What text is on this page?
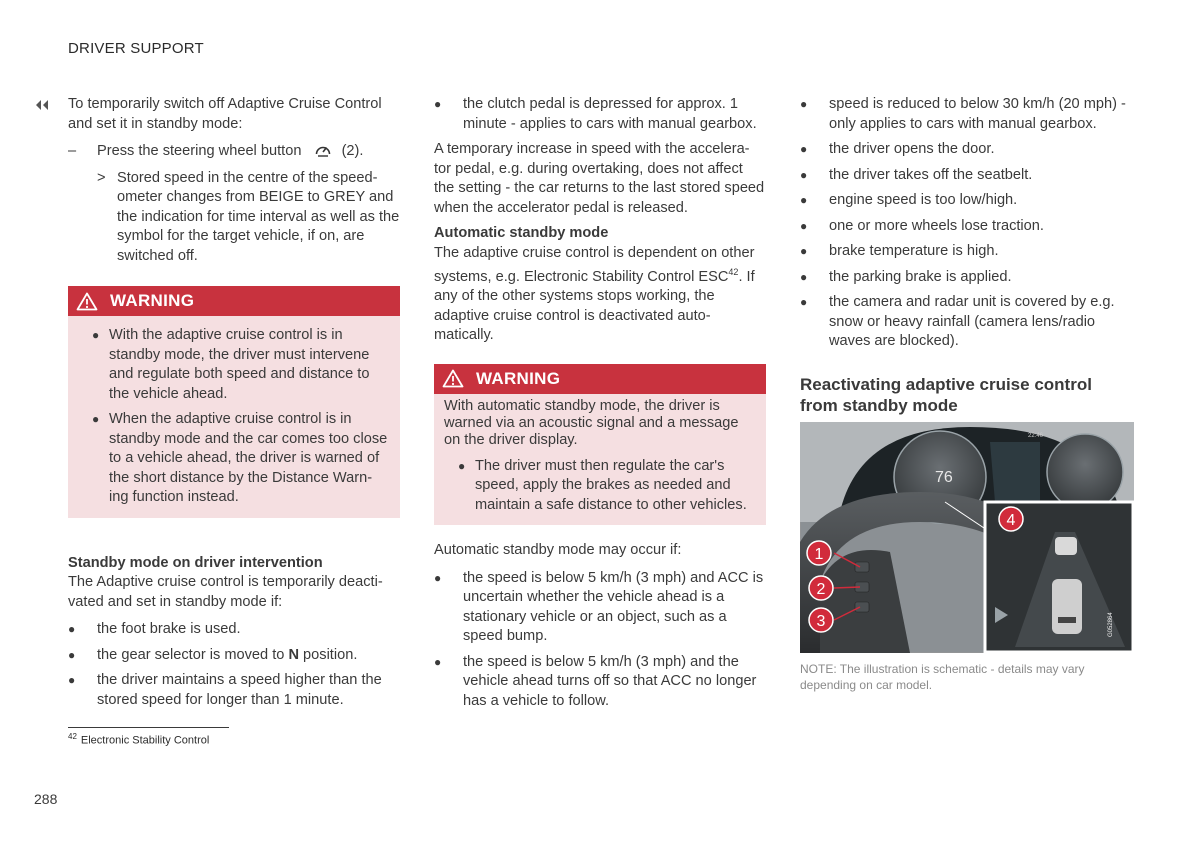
DRIVER SUPPORT

To temporarily switch off Adaptive Cruise Control and set it in standby mode:

– Press the steering wheel button	(2).
> Stored speed in the centre of the speed-ometer changes from BEIGE to GREY and the indication for time interval as well as the symbol for the target vehicle, if on, are switched off.
WARNING
● With the adaptive cruise control is in standby mode, the driver must intervene and regulate both speed and distance to the vehicle ahead.
● When the adaptive cruise control is in standby mode and the car comes too close to a vehicle ahead, the driver is warned of the short distance by the Distance Warn-ing function instead.

Standby mode on driver intervention

The Adaptive cruise control is temporarily deacti-vated and set in standby mode if:

● the foot brake is used.
● the gear selector is moved to N position.
● the driver maintains a speed higher than the stored speed for longer than 1 minute.
● the clutch pedal is depressed for approx. 1 minute - applies to cars with manual gearbox.

A temporary increase in speed with the accelera-tor pedal, e.g. during overtaking, does not affect the setting - the car returns to the last stored speed when the accelerator pedal is released.

Automatic standby mode

The adaptive cruise control is dependent on other systems, e.g. Electronic Stability Control ESC$^{42}$. If any of the other systems stops working, the adaptive cruise control is deactivated auto-matically.

WARNING

With automatic standby mode, the driver is warned via an acoustic signal and a message on the driver display.

● The driver must then regulate the car's speed, apply the brakes as needed and maintain a safe distance to other vehicles.

Automatic standby mode may occur if:

● the speed is below 5 km/h (3 mph) and ACC is uncertain whether the vehicle ahead is a stationary vehicle or an object, such as a speed bump.
● the speed is below 5 km/h (3 mph) and the vehicle ahead turns off so that ACC no longer has a vehicle to follow.
● speed is reduced to below 30 km/h (20 mph) - only applies to cars with manual gearbox.
● the driver opens the door.
● the driver takes off the seatbelt.
● engine speed is too low/high.
● one or more wheels lose traction.
● brake temperature is high.
● the parking brake is applied.
● the camera and radar unit is covered by e.g. snow or heavy rainfall (camera lens/radio waves are blocked).
Reactivating adaptive cruise control from standby mode
76
22:46
G052864
1
2
3
4

NOTE: The illustration is schematic - details may vary depending on car model.

$^{42}$ Electronic Stability Control
288
